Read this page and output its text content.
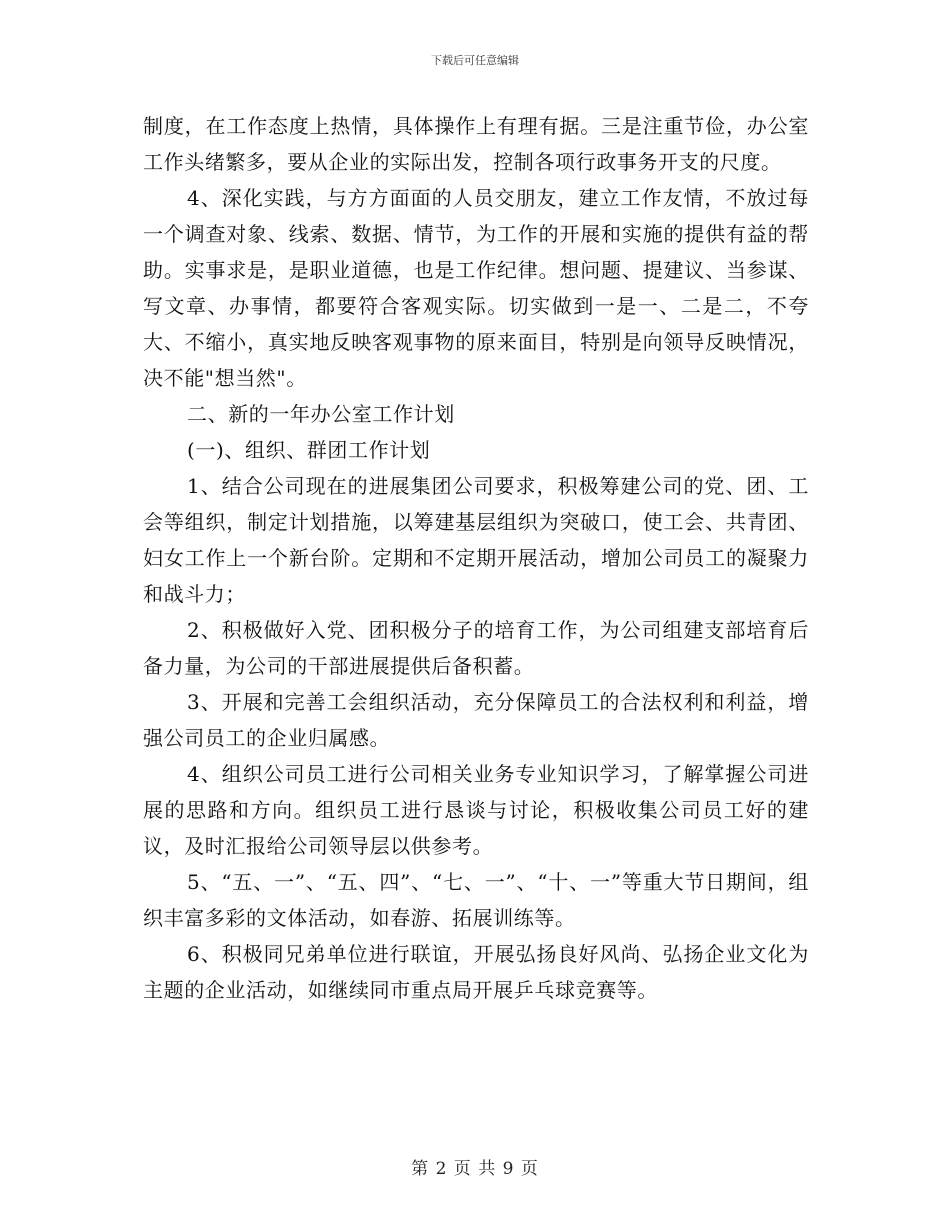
下载后可任意编辑

制度，在工作态度上热情，具体操作上有理有据。三是注重节俭，办公室工作头绪繁多，要从企业的实际出发，控制各项行政事务开支的尺度。

4、深化实践，与方方面面的人员交朋友，建立工作友情，不放过每一个调查对象、线索、数据、情节，为工作的开展和实施的提供有益的帮助。实事求是，是职业道德，也是工作纪律。想问题、提建议、当参谋、写文章、办事情，都要符合客观实际。切实做到一是一、二是二，不夸大、不缩小，真实地反映客观事物的原来面目，特别是向领导反映情况，决不能"想当然"。

二、新的一年办公室工作计划

(一)、组织、群团工作计划

1、结合公司现在的进展集团公司要求，积极筹建公司的党、团、工会等组织，制定计划措施，以筹建基层组织为突破口，使工会、共青团、妇女工作上一个新台阶。定期和不定期开展活动，增加公司员工的凝聚力和战斗力；

2、积极做好入党、团积极分子的培育工作，为公司组建支部培育后备力量，为公司的干部进展提供后备积蓄。

3、开展和完善工会组织活动，充分保障员工的合法权利和利益，增强公司员工的企业归属感。

4、组织公司员工进行公司相关业务专业知识学习，了解掌握公司进展的思路和方向。组织员工进行恳谈与讨论，积极收集公司员工好的建议，及时汇报给公司领导层以供参考。

5、“五、一”、“五、四”、“七、一”、“十、一”等重大节日期间，组织丰富多彩的文体活动，如春游、拓展训练等。

6、积极同兄弟单位进行联谊，开展弘扬良好风尚、弘扬企业文化为主题的企业活动，如继续同市重点局开展乒乓球竞赛等。

第 2 页 共 9 页
